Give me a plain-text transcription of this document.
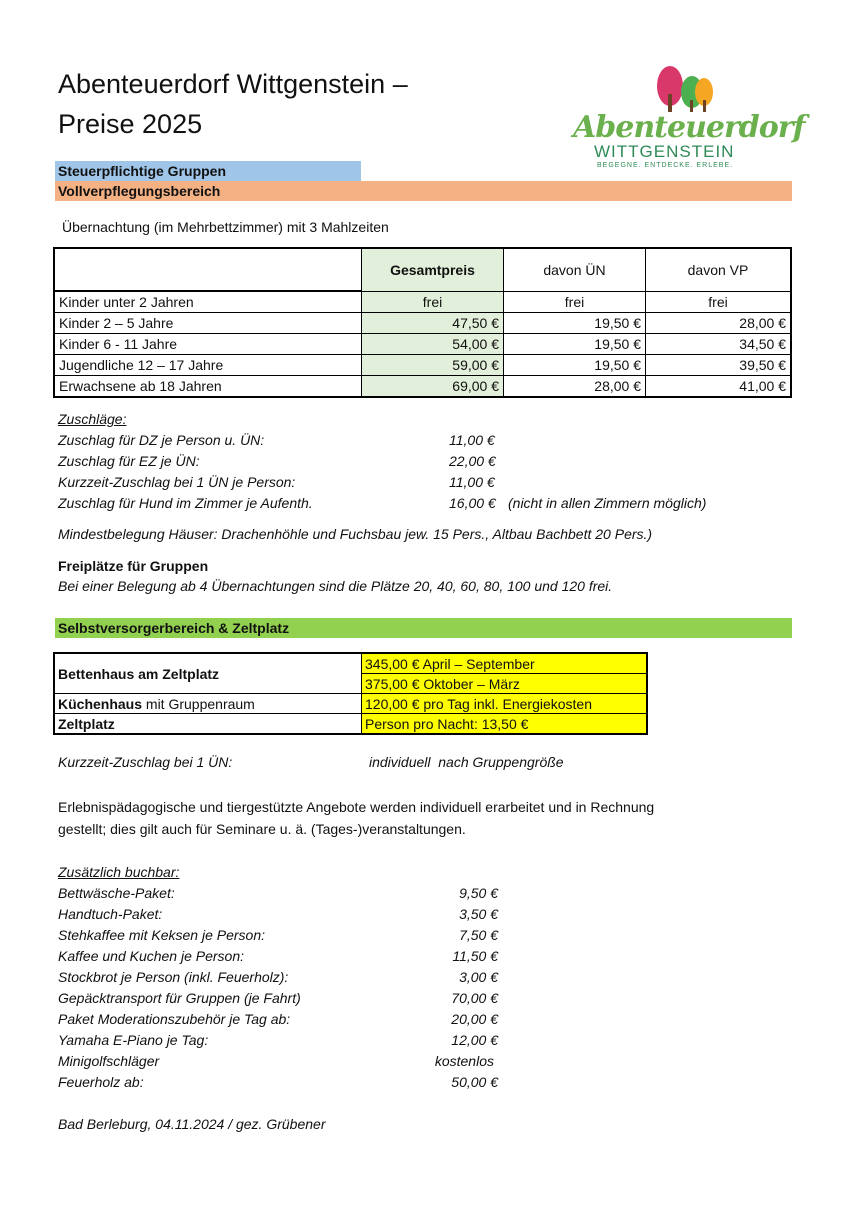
Abenteuerdorf Wittgenstein –
Preise 2025	Abenteuerdorf
WITTGENSTEIN
BEGEGNE. ENTDECKE. ERLEBE.
Steuerpflichtige Gruppen
Vollverpflegungsbereich
Übernachtung (im Mehrbettzimmer) mit 3 Mahlzeiten
	Gesamtpreis	davon ÜN	davon VP
Kinder unter 2 Jahren	frei	frei	frei
Kinder 2 – 5 Jahre	47,50 €	19,50 €	28,00 €
Kinder 6 - 11 Jahre	54,00 €	19,50 €	34,50 €
Jugendliche 12 – 17 Jahre	59,00 €	19,50 €	39,50 €
Erwachsene ab 18 Jahren	69,00 €	28,00 €	41,00 €
Zuschläge:
Zuschlag für DZ je Person u. ÜN:	11,00 €
Zuschlag für EZ je ÜN:	22,00 €
Kurzzeit-Zuschlag bei 1 ÜN je Person:	11,00 €
Zuschlag für Hund im Zimmer je Aufenth.	16,00 € (nicht in allen Zimmern möglich)
Mindestbelegung Häuser: Drachenhöhle und Fuchsbau jew. 15 Pers., Altbau Bachbett 20 Pers.)
Freiplätze für Gruppen
Bei einer Belegung ab 4 Übernachtungen sind die Plätze 20, 40, 60, 80, 100 und 120 frei.
Selbstversorgerbereich & Zeltplatz
Bettenhaus am Zeltplatz	345,00 € April – September
	375,00 € Oktober – März
Küchenhaus mit Gruppenraum	120,00 € pro Tag inkl. Energiekosten
Zeltplatz	Person pro Nacht: 13,50 €
Kurzzeit-Zuschlag bei 1 ÜN:	individuell  nach Gruppengröße
Erlebnispädagogische und tiergestützte Angebote werden individuell erarbeitet und in Rechnung
gestellt; dies gilt auch für Seminare u. ä. (Tages-)veranstaltungen.
Zusätzlich buchbar:
Bettwäsche-Paket:	9,50 €
Handtuch-Paket:	3,50 €
Stehkaffee mit Keksen je Person:	7,50 €
Kaffee und Kuchen je Person:	11,50 €
Stockbrot je Person (inkl. Feuerholz):	3,00 €
Gepäcktransport für Gruppen (je Fahrt)	70,00 €
Paket Moderationszubehör je Tag ab:	20,00 €
Yamaha E-Piano je Tag:	12,00 €
Minigolfschläger	kostenlos
Feuerholz ab:	50,00 €
Bad Berleburg, 04.11.2024 / gez. Grübener
